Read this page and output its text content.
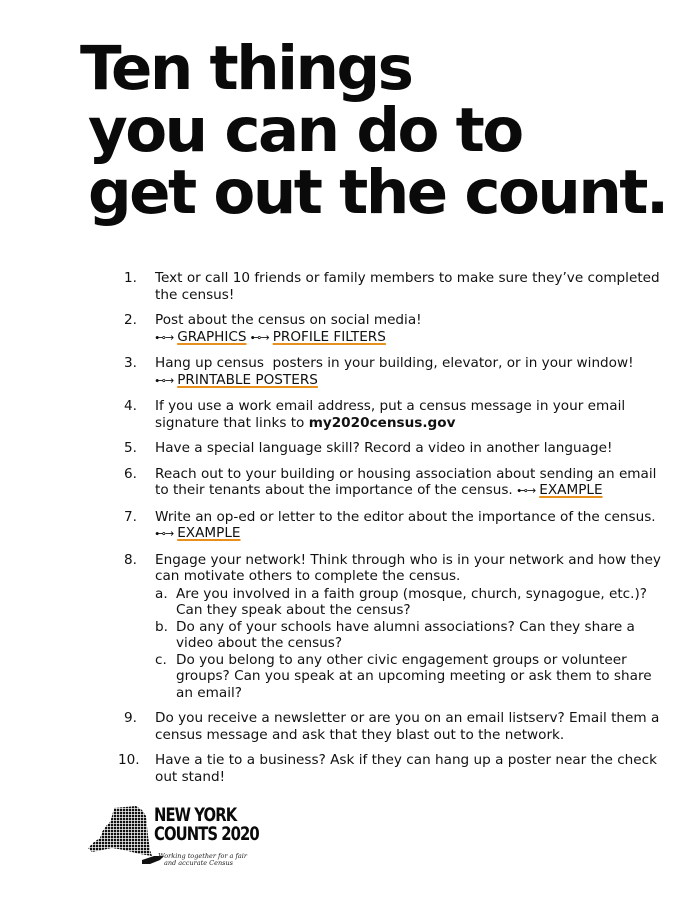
Ten things
you can do to
get out the count.
1.	Text or call 10 friends or family members to make sure they’ve completed the census!
2.	Post about the census on social media!
⊷→ GRAPHICS ⊷→ PROFILE FILTERS
3.	Hang up census  posters in your building, elevator, or in your window!
⊷→ PRINTABLE POSTERS
4.	If you use a work email address, put a census message in your email signature that links to my2020census.gov
5.	Have a special language skill? Record a video in another language!
6.	Reach out to your building or housing association about sending an email to their tenants about the importance of the census. ⊷→ EXAMPLE
7.	Write an op-ed or letter to the editor about the importance of the census.
⊷→ EXAMPLE
8.	Engage your network! Think through who is in your network and how they can motivate others to complete the census.
a. Are you involved in a faith group (mosque, church, synagogue, etc.)? Can they speak about the census?
b. Do any of your schools have alumni associations? Can they share a video about the census?
c. Do you belong to any other civic engagement groups or volunteer groups? Can you speak at an upcoming meeting or ask them to share an email?
9.	Do you receive a newsletter or are you on an email listserv? Email them a census message and ask that they blast out to the network.
10.	Have a tie to a business? Ask if they can hang up a poster near the check out stand!
NEW YORK
COUNTS 2020
Working together for a fair
and accurate Census
